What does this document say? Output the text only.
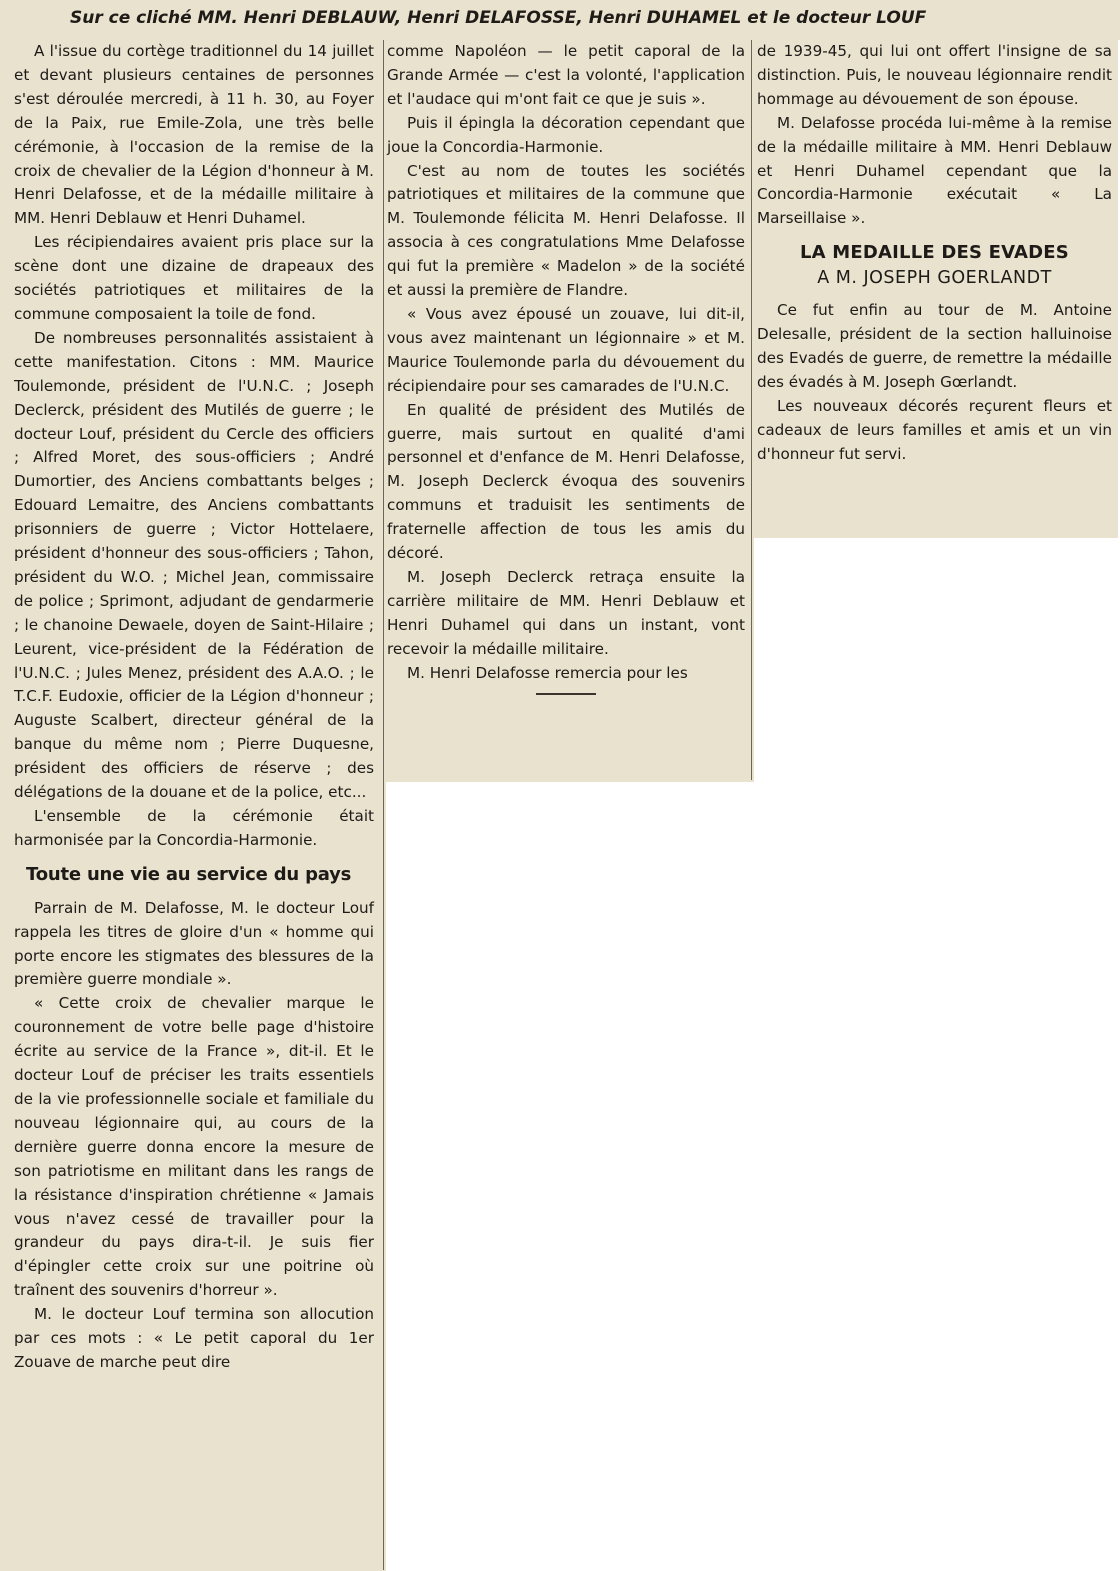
Sur ce cliché MM. Henri DEBLAUW, Henri DELAFOSSE, Henri DUHAMEL et le docteur LOUF

A l'issue du cortège traditionnel du 14 juillet et devant plusieurs centaines de personnes s'est déroulée mercredi, à 11 h. 30, au Foyer de la Paix, rue Emile-Zola, une très belle cérémonie, à l'occasion de la remise de la croix de chevalier de la Légion d'honneur à M. Henri Delafosse, et de la médaille militaire à MM. Henri Deblauw et Henri Duhamel.

Les récipiendaires avaient pris place sur la scène dont une dizaine de drapeaux des sociétés patriotiques et militaires de la commune composaient la toile de fond.

De nombreuses personnalités assistaient à cette manifestation. Citons : MM. Maurice Toulemonde, président de l'U.N.C. ; Joseph Declerck, président des Mutilés de guerre ; le docteur Louf, président du Cercle des officiers ; Alfred Moret, des sous-officiers ; André Dumortier, des Anciens combattants belges ; Edouard Lemaitre, des Anciens combattants prisonniers de guerre ; Victor Hottelaere, président d'honneur des sous-officiers ; Tahon, président du W.O. ; Michel Jean, commissaire de police ; Sprimont, adjudant de gendarmerie ; le chanoine Dewaele, doyen de Saint-Hilaire ; Leurent, vice-président de la Fédération de l'U.N.C. ; Jules Menez, président des A.A.O. ; le T.C.F. Eudoxie, officier de la Légion d'honneur ; Auguste Scalbert, directeur général de la banque du même nom ; Pierre Duquesne, président des officiers de réserve ; des délégations de la douane et de la police, etc...

L'ensemble de la cérémonie était harmonisée par la Concordia-Harmonie.

Toute une vie au service du pays

Parrain de M. Delafosse, M. le docteur Louf rappela les titres de gloire d'un « homme qui porte encore les stigmates des blessures de la première guerre mondiale ».

« Cette croix de chevalier marque le couronnement de votre belle page d'histoire écrite au service de la France », dit-il. Et le docteur Louf de préciser les traits essentiels de la vie professionnelle sociale et familiale du nouveau légionnaire qui, au cours de la dernière guerre donna encore la mesure de son patriotisme en militant dans les rangs de la résistance d'inspiration chrétienne « Jamais vous n'avez cessé de travailler pour la grandeur du pays dira-t-il. Je suis fier d'épingler cette croix sur une poitrine où traînent des souvenirs d'horreur ».

M. le docteur Louf termina son allocution par ces mots : « Le petit caporal du 1er Zouave de marche peut dire

comme Napoléon — le petit caporal de la Grande Armée — c'est la volonté, l'application et l'audace qui m'ont fait ce que je suis ».

Puis il épingla la décoration cependant que joue la Concordia-Harmonie.

C'est au nom de toutes les sociétés patriotiques et militaires de la commune que M. Toulemonde félicita M. Henri Delafosse. Il associa à ces congratulations Mme Delafosse qui fut la première « Madelon » de la société et aussi la première de Flandre.

« Vous avez épousé un zouave, lui dit-il, vous avez maintenant un légionnaire » et M. Maurice Toulemonde parla du dévouement du récipiendaire pour ses camarades de l'U.N.C.

En qualité de président des Mutilés de guerre, mais surtout en qualité d'ami personnel et d'enfance de M. Henri Delafosse, M. Joseph Declerck évoqua des souvenirs communs et traduisit les sentiments de fraternelle affection de tous les amis du décoré.

M. Joseph Declerck retraça ensuite la carrière militaire de MM. Henri Deblauw et Henri Duhamel qui dans un instant, vont recevoir la médaille militaire.

M. Henri Delafosse remercia pour les

de 1939-45, qui lui ont offert l'insigne de sa distinction. Puis, le nouveau légionnaire rendit hommage au dévouement de son épouse.

M. Delafosse procéda lui-même à la remise de la médaille militaire à MM. Henri Deblauw et Henri Duhamel cependant que la Concordia-Harmonie exécutait « La Marseillaise ».

LA MEDAILLE DES EVADES
A M. JOSEPH GOERLANDT

Ce fut enfin au tour de M. Antoine Delesalle, président de la section halluinoise des Evadés de guerre, de remettre la médaille des évadés à M. Joseph Gœrlandt.

Les nouveaux décorés reçurent fleurs et cadeaux de leurs familles et amis et un vin d'honneur fut servi.
